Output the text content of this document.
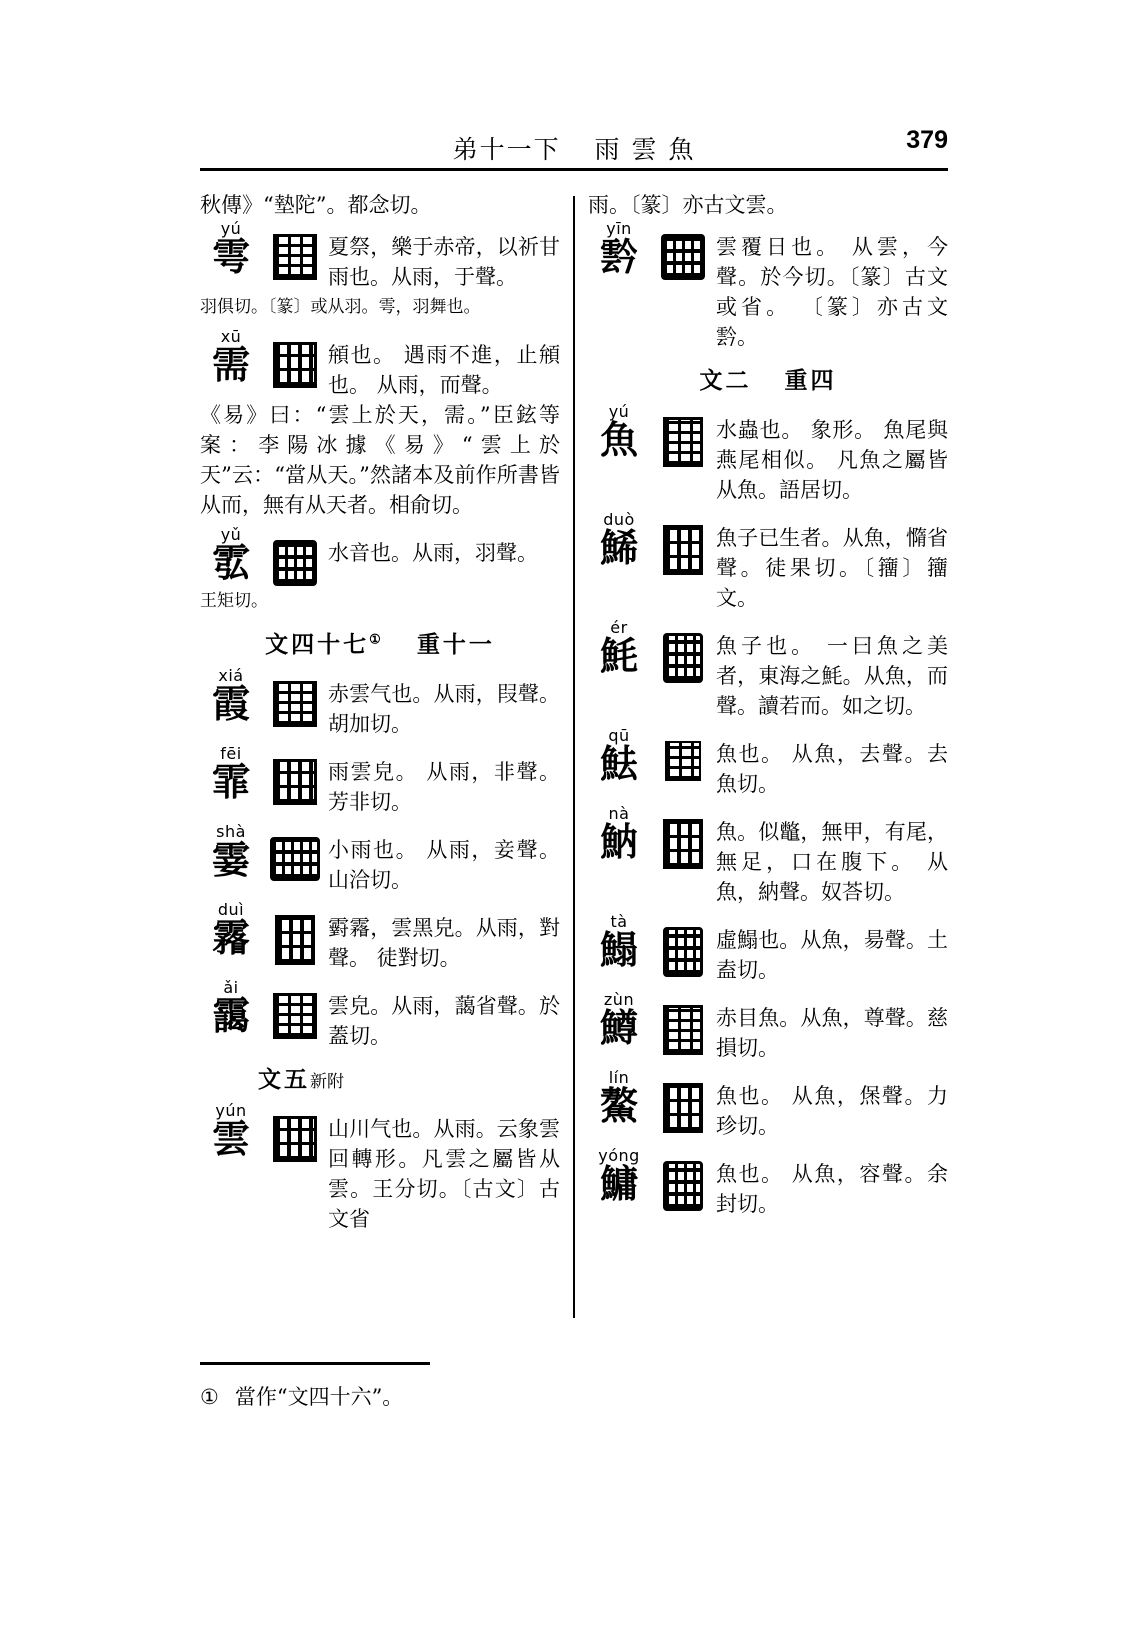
弟十一下 雨 雲 魚	379
秋傳》“墊陀”。都念切。
yú
雩	夏祭，樂于赤帝，以祈甘雨也。从雨，于聲。
羽俱切。〔篆〕或从羽。雩，羽舞也。
xū
需	䪻也。 遇雨不進，止䪻也。 从雨，而聲。
《易》曰：“雲上於天，需。”臣鉉等案：李陽冰據《易》“雲上於天”云：“當从天。”然諸本及前作所書皆从而，無有从天者。相俞切。
yǔ
䨎	水音也。从雨，羽聲。
王矩切。
文四十七① 重十一
xiá
霞	赤雲气也。从雨，叚聲。胡加切。
fēi
霏	雨雲皃。 从雨，非聲。 芳非切。
shà
霎	小雨也。 从雨，妾聲。 山洽切。
duì
霿	䨴霿，雲黑皃。从雨，對聲。 徒對切。
ǎi
靄	雲皃。从雨，藹省聲。於蓋切。
文五新附
yún
雲	山川气也。从雨。云象雲回轉形。凡雲之屬皆从雲。王分切。〔古文〕古文省
雨。〔篆〕亦古文雲。
yīn
霒	雲覆日也。 从雲，今聲。於今切。〔篆〕古文或省。 〔篆〕亦古文霒。
文二 重四
yú
魚	水蟲也。 象形。 魚尾與燕尾相似。 凡魚之屬皆从魚。語居切。
duò
鯑	魚子已生者。从魚，憜省聲。徒果切。〔籒〕籒文。
ér
魹	魚子也。 一曰魚之美者，東海之魹。从魚，而聲。讀若而。如之切。
qū
魼	魚也。 从魚，去聲。去魚切。
nà
魶	魚。似鼈，無甲，有尾，無足，口在腹下。 从魚，納聲。奴荅切。
tà
鰨	虛鰨也。从魚，昜聲。土盍切。
zùn
鱒	赤目魚。从魚，尊聲。慈損切。
lín
鰲	魚也。 从魚，㷛聲。力珍切。
yóng
鱅	魚也。 从魚，容聲。余封切。
① 當作“文四十六”。
